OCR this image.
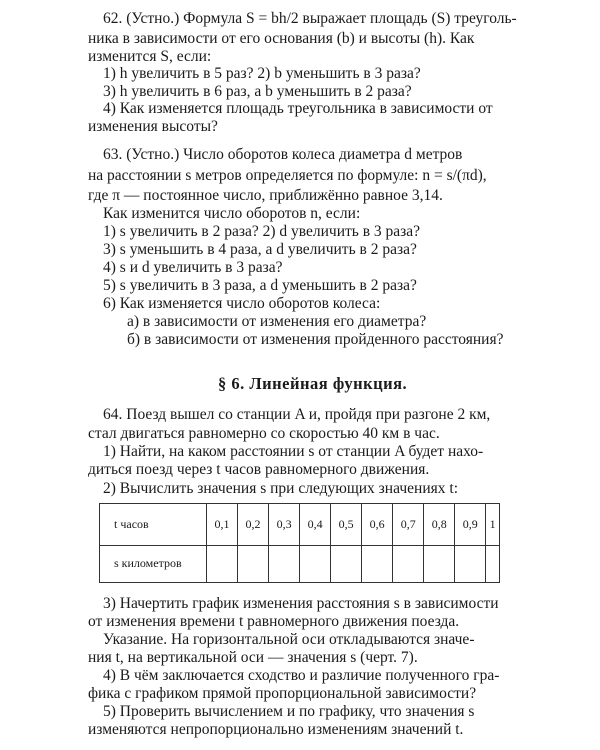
62. (Устно.) Формула S = bh/2 выражает площадь (S) треуголь-
ника в зависимости от его основания (b) и высоты (h). Как
изменится S, если:
1) h увеличить в 5 раз? 2) b уменьшить в 3 раза?
3) h увеличить в 6 раз, а b уменьшить в 2 раза?
4) Как изменяется площадь треугольника в зависимости от
изменения высоты?
63. (Устно.) Число оборотов колеса диаметра d метров
на расстоянии s метров определяется по формуле: n = s/(πd),
где π — постоянное число, приближённо равное 3,14.
Как изменится число оборотов n, если:
1) s увеличить в 2 раза? 2) d увеличить в 3 раза?
3) s уменьшить в 4 раза, а d увеличить в 2 раза?
4) s и d увеличить в 3 раза?
5) s увеличить в 3 раза, а d уменьшить в 2 раза?
6) Как изменяется число оборотов колеса:
а) в зависимости от изменения его диаметра?
б) в зависимости от изменения пройденного расстояния?
§ 6. Линейная функция.
64. Поезд вышел со станции A и, пройдя при разгоне 2 км,
стал двигаться равномерно со скоростью 40 км в час.
1) Найти, на каком расстоянии s от станции A будет нахо-
диться поезд через t часов равномерного движения.
2) Вычислить значения s при следующих значениях t:
t часов	0,1	0,2	0,3	0,4	0,5	0,6	0,7	0,8	0,9	1
s километров										
3) Начертить график изменения расстояния s в зависимости
от изменения времени t равномерного движения поезда.
Указание. На горизонтальной оси откладываются значе-
ния t, на вертикальной оси — значения s (черт. 7).
4) В чём заключается сходство и различие полученного гра-
фика с графиком прямой пропорциональной зависимости?
5) Проверить вычислением и по графику, что значения s
изменяются непропорционально изменениям значений t.
